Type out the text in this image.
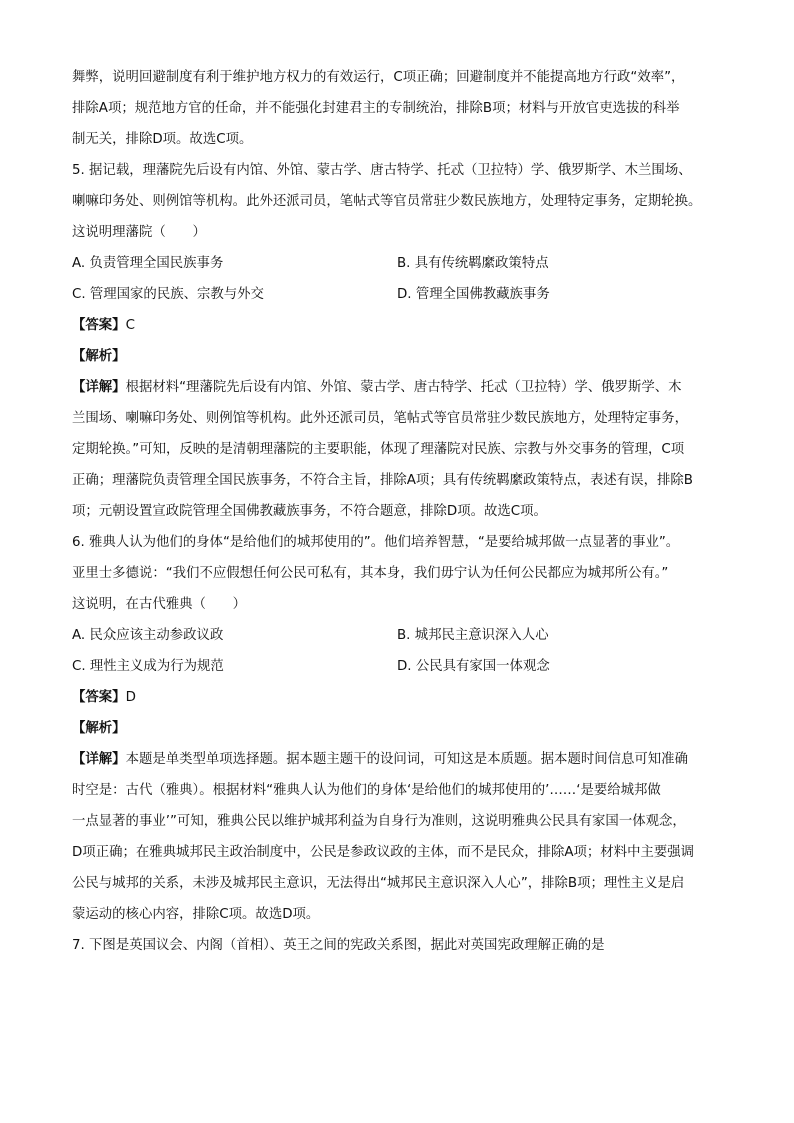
舞弊，说明回避制度有利于维护地方权力的有效运行，C项正确；回避制度并不能提高地方行政“效率”，
排除A项；规范地方官的任命，并不能强化封建君主的专制统治，排除B项；材料与开放官吏选拔的科举
制无关，排除D项。故选C项。
5. 据记载，理藩院先后设有内馆、外馆、蒙古学、唐古特学、托忒（卫拉特）学、俄罗斯学、木兰围场、
喇嘛印务处、则例馆等机构。此外还派司员，笔帖式等官员常驻少数民族地方，处理特定事务，定期轮换。
这说明理藩院（　　）
A. 负责管理全国民族事务	B. 具有传统羁縻政策特点
C. 管理国家的民族、宗教与外交	D. 管理全国佛教藏族事务
【答案】C
【解析】
【详解】根据材料“理藩院先后设有内馆、外馆、蒙古学、唐古特学、托忒（卫拉特）学、俄罗斯学、木
兰围场、喇嘛印务处、则例馆等机构。此外还派司员，笔帖式等官员常驻少数民族地方，处理特定事务，
定期轮换。”可知，反映的是清朝理藩院的主要职能，体现了理藩院对民族、宗教与外交事务的管理，C项
正确；理藩院负责管理全国民族事务，不符合主旨，排除A项；具有传统羁縻政策特点，表述有误，排除B
项；元朝设置宣政院管理全国佛教藏族事务，不符合题意，排除D项。故选C项。
6. 雅典人认为他们的身体“是给他们的城邦使用的”。他们培养智慧，“是要给城邦做一点显著的事业”。
亚里士多德说：“我们不应假想任何公民可私有，其本身，我们毋宁认为任何公民都应为城邦所公有。”
这说明，在古代雅典（　　）
A. 民众应该主动参政议政	B. 城邦民主意识深入人心
C. 理性主义成为行为规范	D. 公民具有家国一体观念
【答案】D
【解析】
【详解】本题是单类型单项选择题。据本题主题干的设问词，可知这是本质题。据本题时间信息可知准确
时空是：古代（雅典）。根据材料“雅典人认为他们的身体‘是给他们的城邦使用的’……‘是要给城邦做
一点显著的事业’”可知，雅典公民以维护城邦利益为自身行为准则，这说明雅典公民具有家国一体观念，
D项正确；在雅典城邦民主政治制度中，公民是参政议政的主体，而不是民众，排除A项；材料中主要强调
公民与城邦的关系，未涉及城邦民主意识，无法得出“城邦民主意识深入人心”，排除B项；理性主义是启
蒙运动的核心内容，排除C项。故选D项。
7. 下图是英国议会、内阁（首相）、英王之间的宪政关系图，据此对英国宪政理解正确的是
